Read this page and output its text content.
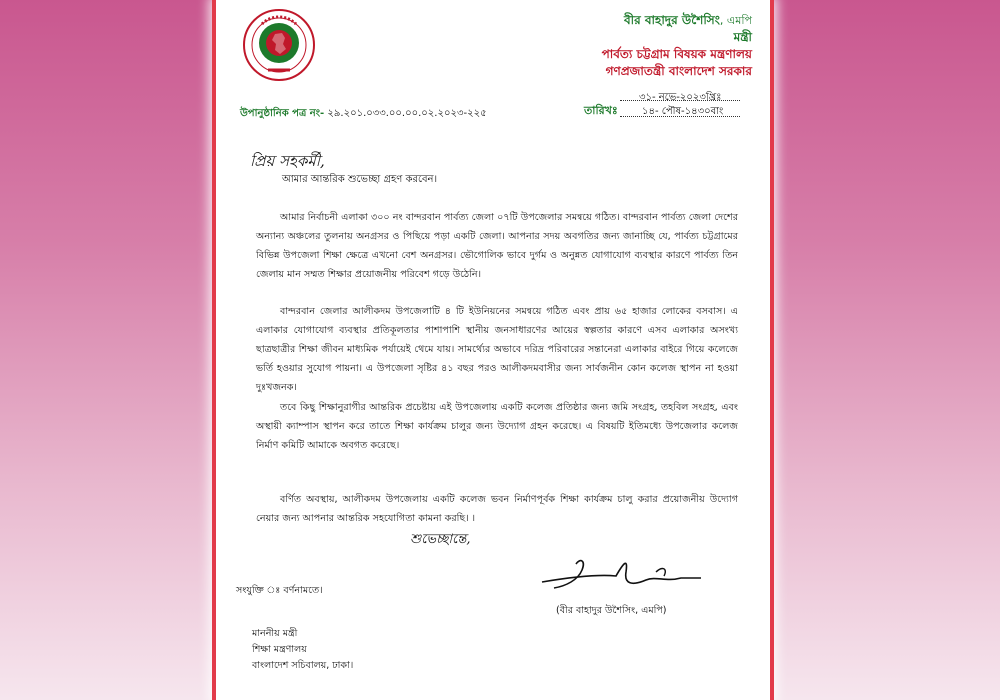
বীর বাহাদুর উশৈসিং, এমপি
মন্ত্রী
পার্বত্য চট্টগ্রাম বিষয়ক মন্ত্রণালয়
গণপ্রজাতন্ত্রী বাংলাদেশ সরকার
উপানুষ্ঠানিক পত্র নং- ২৯.২০১.০৩৩.০০.০০.০২.২০২৩-২২৫
৩১- নভে-২০২৩খ্রিঃ
তারিখঃ ১৪- পৌষ-১৪৩০বাং
প্রিয় সহকর্মী,
আমার আন্তরিক শুভেচ্ছা গ্রহণ করবেন।
আমার নির্বাচনী এলাকা ৩০০ নং বান্দরবান পার্বত্য জেলা ০৭টি উপজেলার সমন্বয়ে গঠিত। বান্দরবান পার্বত্য জেলা দেশের অন্যান্য অঞ্চলের তুলনায় অনগ্রসর ও পিছিয়ে পড়া একটি জেলা। আপনার সদয় অবগতির জন্য জানাচ্ছি যে, পার্বত্য চট্টগ্রামের বিভিন্ন উপজেলা শিক্ষা ক্ষেত্রে এখনো বেশ অনগ্রসর। ভৌগোলিক ভাবে দুর্গম ও অনুন্নত যোগাযোগ ব্যবস্থার কারণে পার্বত্য তিন জেলায় মান সম্মত শিক্ষার প্রয়োজনীয় পরিবেশ গড়ে উঠেনি।
বান্দরবান জেলার আলীকদম উপজেলাটি ৪ টি ইউনিয়নের সমন্বয়ে গঠিত এবং প্রায় ৬৫ হাজার লোকের বসবাস। এ এলাকার যোগাযোগ ব্যবস্থার প্রতিকূলতার পাশাপাশি স্থানীয় জনসাধারণের আয়ের স্বল্পতার কারণে এসব এলাকার অসংখ্য ছাত্রছাত্রীর শিক্ষা জীবন মাধ্যমিক পর্যায়েই থেমে যায়। সামর্থ্যের অভাবে দরিদ্র পরিবারের সন্তানেরা এলাকার বাইরে গিয়ে কলেজে ভর্তি হওয়ার সুযোগ পায়না। এ উপজেলা সৃষ্টির ৪১ বছর পরও আলীকদমবাসীর জন্য সার্বজনীন কোন কলেজ স্থাপন না হওয়া দুঃখজনক।
তবে কিছু শিক্ষানুরাগীর আন্তরিক প্রচেষ্টায় এই উপজেলায় একটি কলেজ প্রতিষ্ঠার জন্য জমি সংগ্রহ, তহবিল সংগ্রহ, এবং অস্থায়ী ক্যাম্পাস স্থাপন করে তাতে শিক্ষা কার্যক্রম চালুর জন্য উদ্যোগ গ্রহন করেছে। এ বিষয়টি ইতিমধ্যে উপজেলার কলেজ নির্মাণ কমিটি আমাকে অবগত করেছে।
বর্ণিত অবস্থায়, আলীকদম উপজেলায় একটি কলেজ ভবন নির্মাণপূর্বক শিক্ষা কার্যক্রম চালু করার প্রয়োজনীয় উদ্যোগ নেয়ার জন্য আপনার আন্তরিক সহযোগিতা কামনা করছি। ।
শুভেচ্ছান্তে,
(বীর বাহাদুর উশৈসিং, এমপি)
সংযুক্তি ঃ বর্ণনামতে।
মাননীয় মন্ত্রী
শিক্ষা মন্ত্রণালয়
বাংলাদেশ সচিবালয়, ঢাকা।
